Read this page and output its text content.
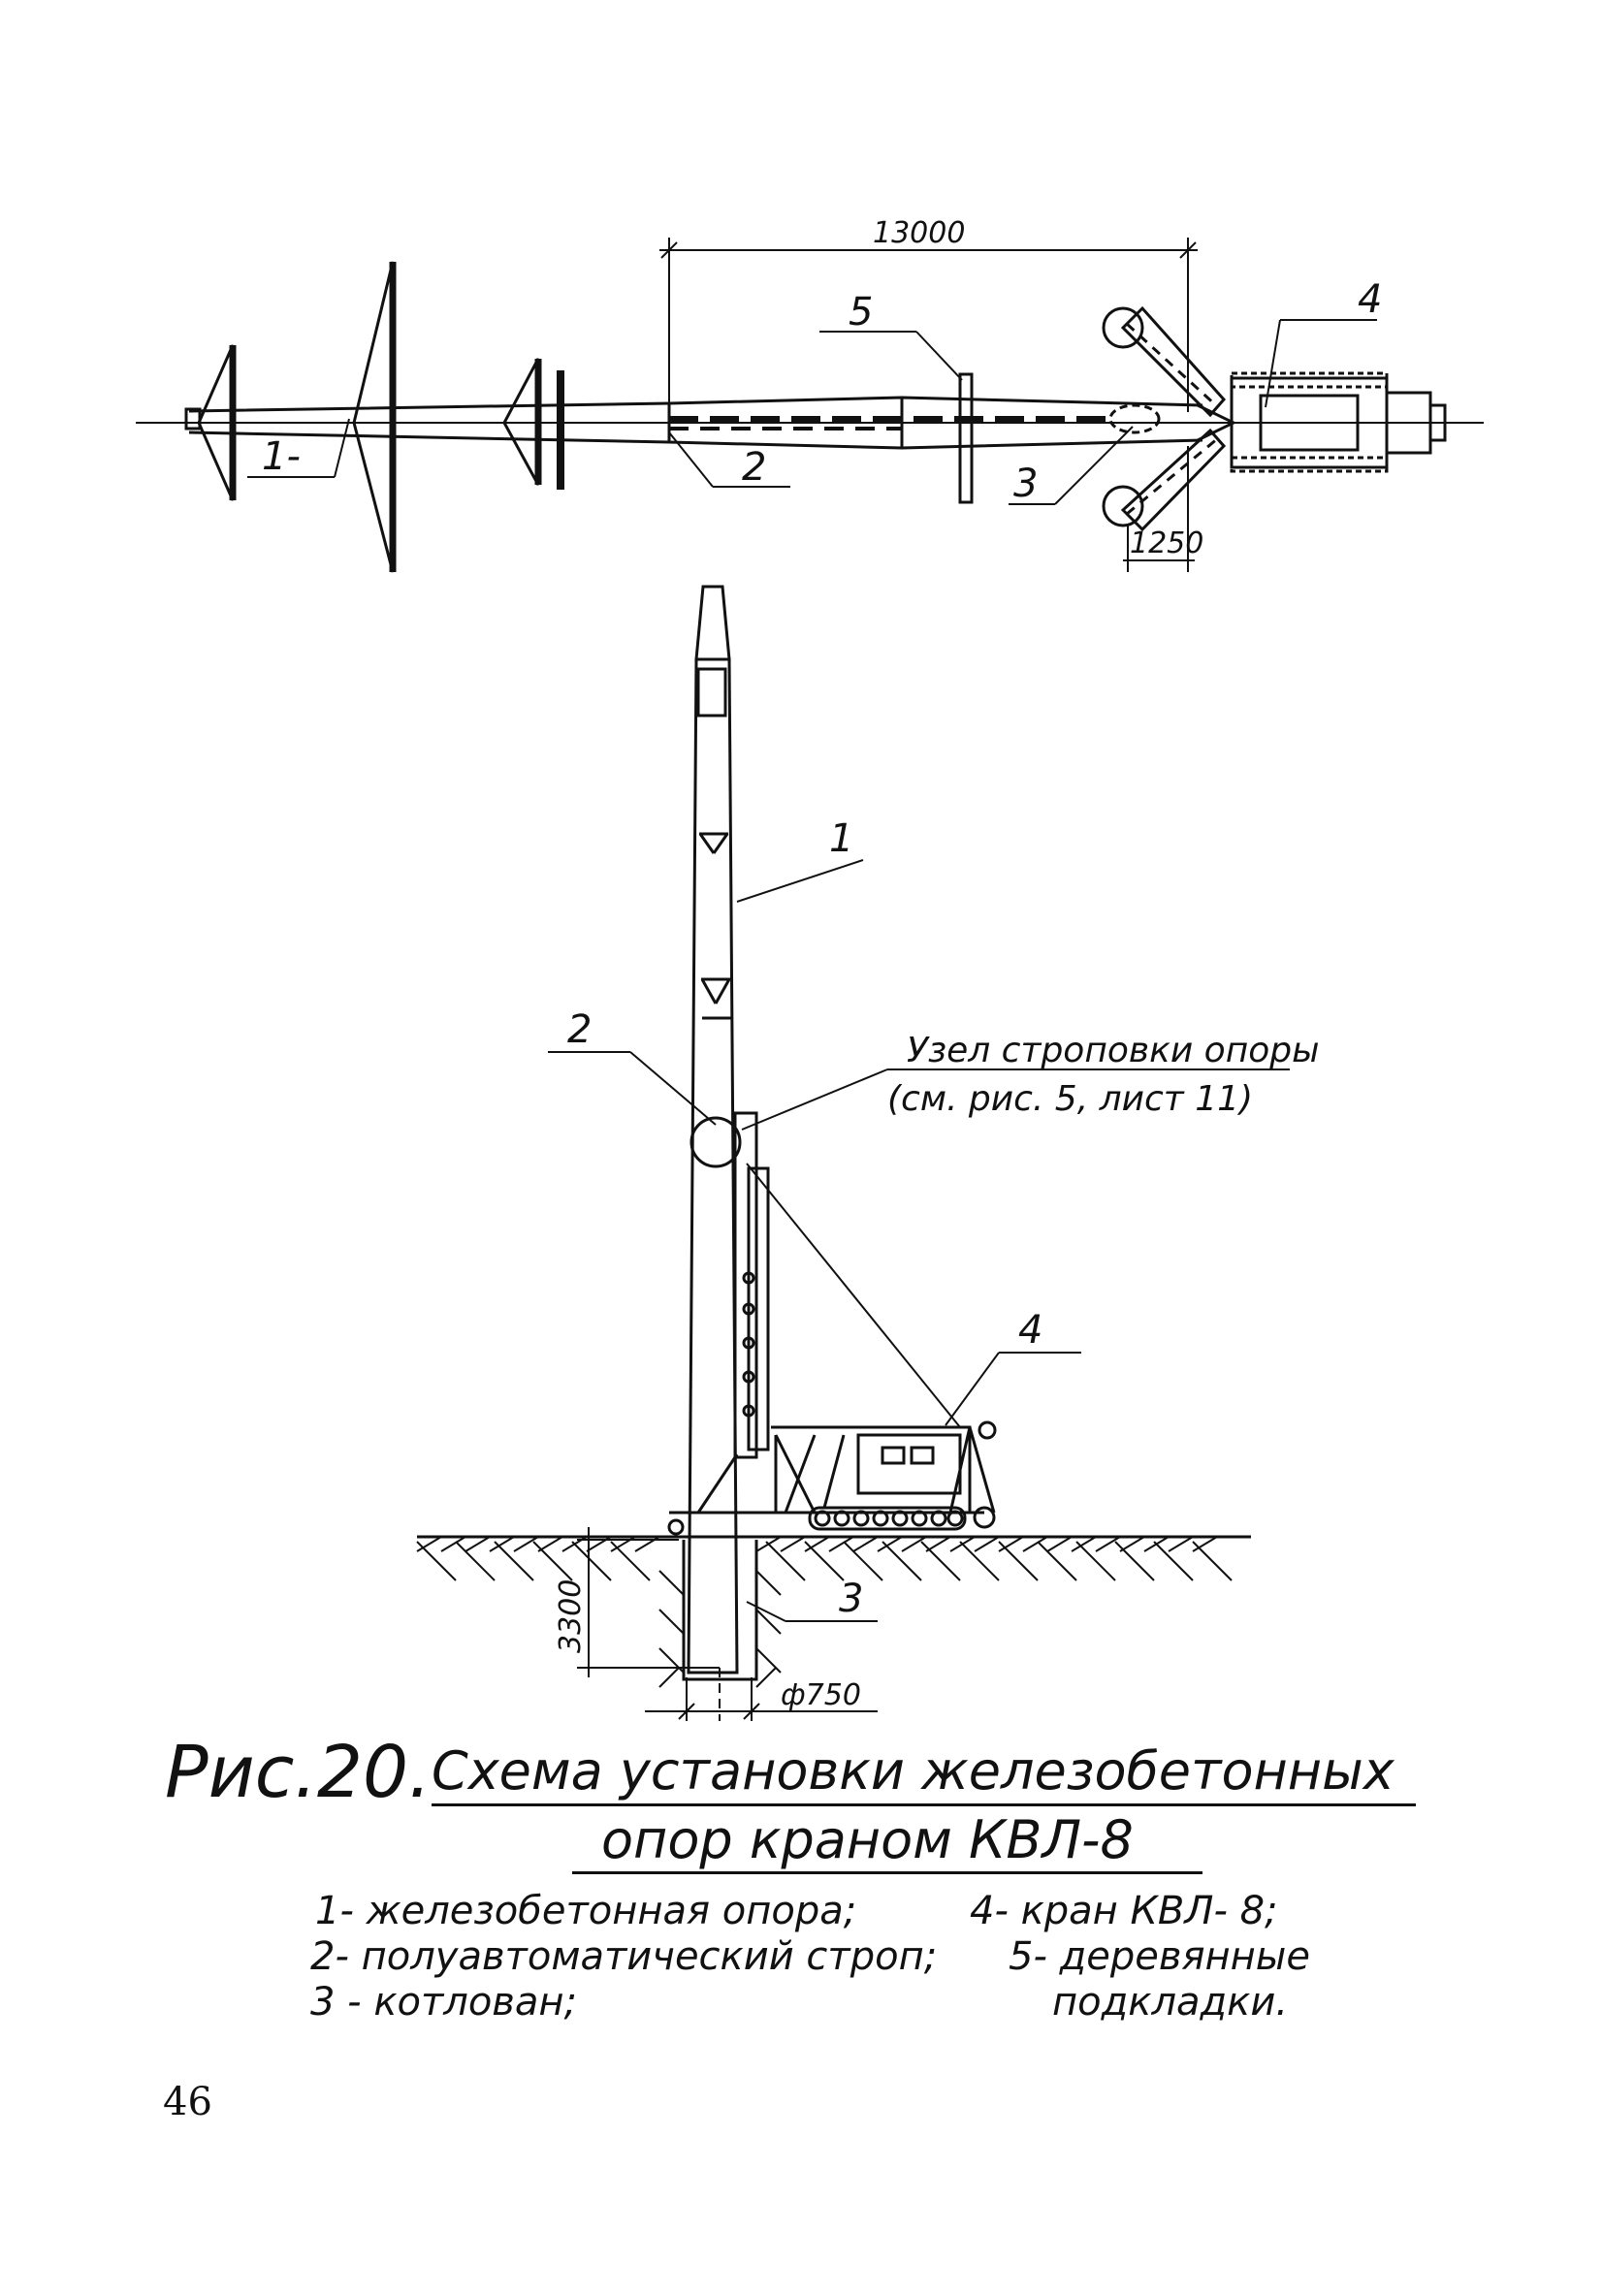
13000
1250
1-	2
5
3
4
1
2
4
3
Узел строповки опоры
(см. рис. 5, лист 11)
3300
ф750
Рис.20. Схема установки железобетонных
опор краном КВЛ-8
1- железобетонная опора;	4- кран КВЛ- 8;
2- полуавтоматический строп; 5- деревянные
3 - котлован;	подкладки.
46
